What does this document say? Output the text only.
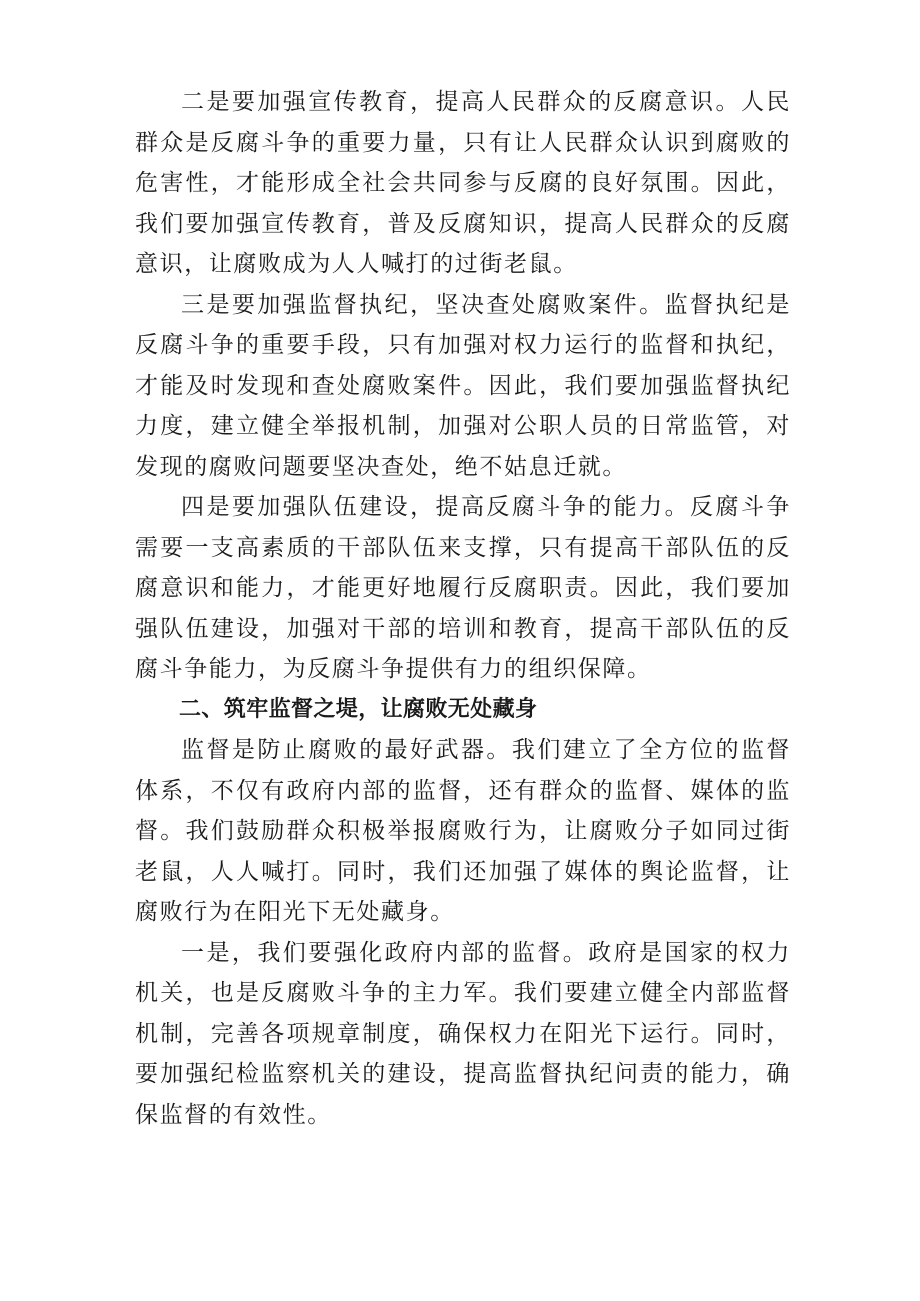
二是要加强宣传教育，提高人民群众的反腐意识。人民群众是反腐斗争的重要力量，只有让人民群众认识到腐败的危害性，才能形成全社会共同参与反腐的良好氛围。因此，我们要加强宣传教育，普及反腐知识，提高人民群众的反腐意识，让腐败成为人人喊打的过街老鼠。

三是要加强监督执纪，坚决查处腐败案件。监督执纪是反腐斗争的重要手段，只有加强对权力运行的监督和执纪，才能及时发现和查处腐败案件。因此，我们要加强监督执纪力度，建立健全举报机制，加强对公职人员的日常监管，对发现的腐败问题要坚决查处，绝不姑息迁就。

四是要加强队伍建设，提高反腐斗争的能力。反腐斗争需要一支高素质的干部队伍来支撑，只有提高干部队伍的反腐意识和能力，才能更好地履行反腐职责。因此，我们要加强队伍建设，加强对干部的培训和教育，提高干部队伍的反腐斗争能力，为反腐斗争提供有力的组织保障。

二、筑牢监督之堤，让腐败无处藏身

监督是防止腐败的最好武器。我们建立了全方位的监督体系，不仅有政府内部的监督，还有群众的监督、媒体的监督。我们鼓励群众积极举报腐败行为，让腐败分子如同过街老鼠，人人喊打。同时，我们还加强了媒体的舆论监督，让腐败行为在阳光下无处藏身。

一是，我们要强化政府内部的监督。政府是国家的权力机关，也是反腐败斗争的主力军。我们要建立健全内部监督机制，完善各项规章制度，确保权力在阳光下运行。同时，要加强纪检监察机关的建设，提高监督执纪问责的能力，确保监督的有效性。
